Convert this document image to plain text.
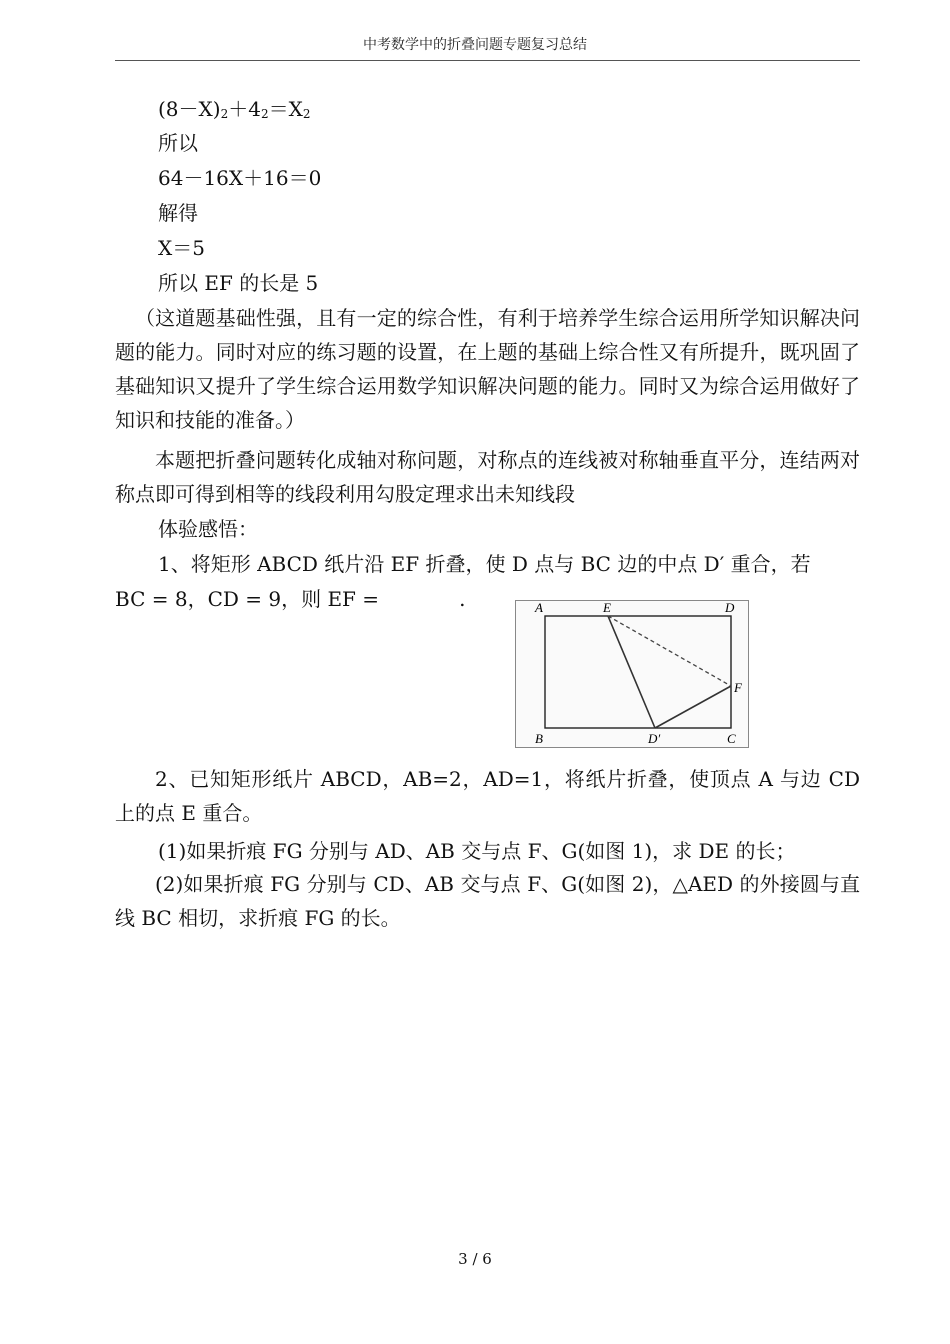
中考数学中的折叠问题专题复习总结
(8－X)2＋42＝X2
所以
64－16X＋16＝0
解得
X＝5
所以 EF 的长是 5
（这道题基础性强，且有一定的综合性，有利于培养学生综合运用所学知识解决问题的能力。同时对应的练习题的设置，在上题的基础上综合性又有所提升，既巩固了基础知识又提升了学生综合运用数学知识解决问题的能力。同时又为综合运用做好了知识和技能的准备。）
本题把折叠问题转化成轴对称问题，对称点的连线被对称轴垂直平分，连结两对称点即可得到相等的线段利用勾股定理求出未知线段
体验感悟：
1、将矩形 ABCD 纸片沿 EF 折叠，使 D 点与 BC 边的中点 D′ 重合，若
BC = 8，CD = 9，则 EF =	.	A	E	D
F
B	D′	C
2、已知矩形纸片 ABCD，AB=2，AD=1，将纸片折叠，使顶点 A 与边 CD 上的点 E 重合。
(1)如果折痕 FG 分别与 AD、AB 交与点 F、G(如图 1)，求 DE 的长；
(2)如果折痕 FG 分别与 CD、AB 交与点 F、G(如图 2)，△AED 的外接圆与直线 BC 相切，求折痕 FG 的长。
3 / 6
